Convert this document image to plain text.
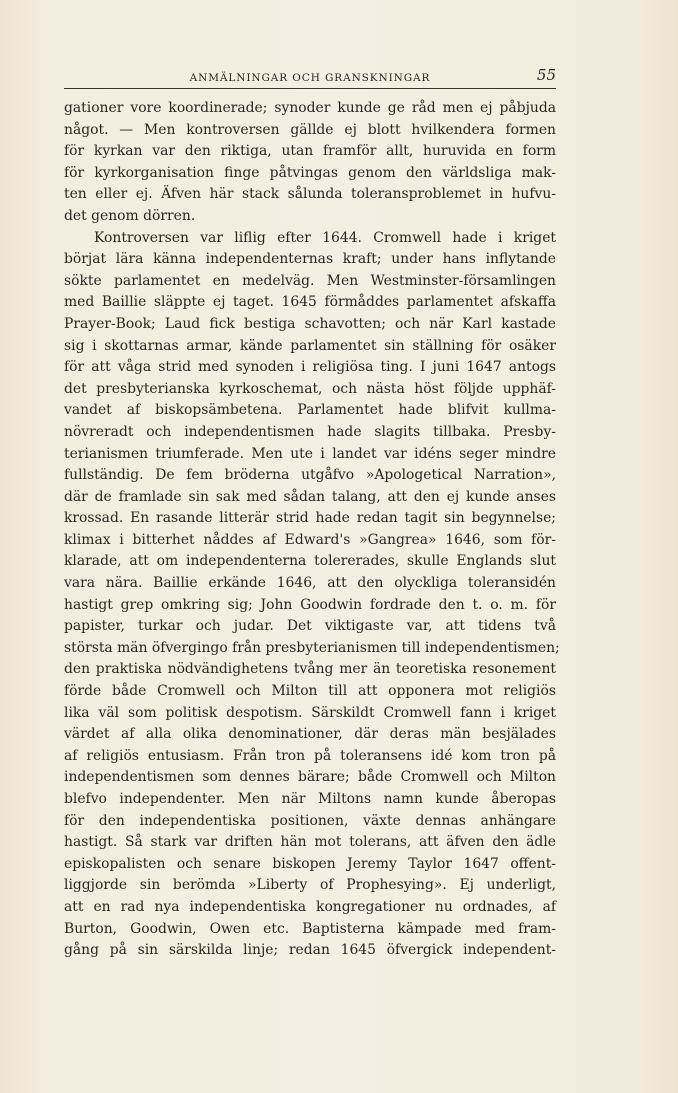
ANMÄLNINGAR OCH GRANSKNINGAR	55
gationer vore koordinerade; synoder kunde ge råd men ej påbjuda
något. — Men kontroversen gällde ej blott hvilkendera formen
för kyrkan var den riktiga, utan framför allt, huruvida en form
för kyrkorganisation finge påtvingas genom den världsliga mak-
ten eller ej. Äfven här stack sålunda toleransproblemet in hufvu-
det genom dörren.
Kontroversen var liflig efter 1644. Cromwell hade i kriget
börjat lära känna independenternas kraft; under hans inflytande
sökte parlamentet en medelväg. Men Westminster-församlingen
med Baillie släppte ej taget. 1645 förmåddes parlamentet afskaffa
Prayer-Book; Laud fick bestiga schavotten; och när Karl kastade
sig i skottarnas armar, kände parlamentet sin ställning för osäker
för att våga strid med synoden i religiösa ting. I juni 1647 antogs
det presbyterianska kyrkoschemat, och nästa höst följde upphäf-
vandet af biskopsämbetena. Parlamentet hade blifvit kullma-
növreradt och independentismen hade slagits tillbaka. Presby-
terianismen triumferade. Men ute i landet var idéns seger mindre
fullständig. De fem bröderna utgåfvo »Apologetical Narration»,
där de framlade sin sak med sådan talang, att den ej kunde anses
krossad. En rasande litterär strid hade redan tagit sin begynnelse;
klimax i bitterhet nåddes af Edward's »Gangrea» 1646, som för-
klarade, att om independenterna tolererades, skulle Englands slut
vara nära. Baillie erkände 1646, att den olyckliga toleransidén
hastigt grep omkring sig; John Goodwin fordrade den t. o. m. för
papister, turkar och judar. Det viktigaste var, att tidens två
största män öfvergingo från presbyterianismen till independentismen;
den praktiska nödvändighetens tvång mer än teoretiska resonement
förde både Cromwell och Milton till att opponera mot religiös
lika väl som politisk despotism. Särskildt Cromwell fann i kriget
värdet af alla olika denominationer, där deras män besjälades
af religiös entusiasm. Från tron på toleransens idé kom tron på
independentismen som dennes bärare; både Cromwell och Milton
blefvo independenter. Men när Miltons namn kunde åberopas
för den independentiska positionen, växte dennas anhängare
hastigt. Så stark var driften hän mot tolerans, att äfven den ädle
episkopalisten och senare biskopen Jeremy Taylor 1647 offent-
liggjorde sin berömda »Liberty of Prophesying». Ej underligt,
att en rad nya independentiska kongregationer nu ordnades, af
Burton, Goodwin, Owen etc. Baptisterna kämpade med fram-
gång på sin särskilda linje; redan 1645 öfvergick independent-
